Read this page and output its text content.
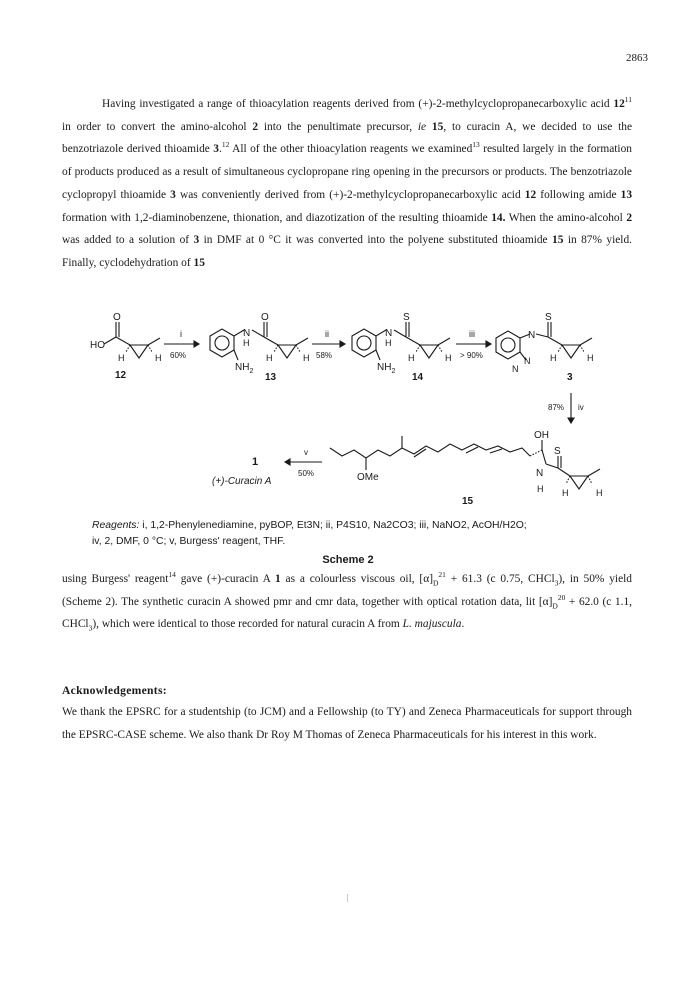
2863
Having investigated a range of thioacylation reagents derived from (+)-2-methylcyclopropanecarboxylic acid $12^{11}$ in order to convert the amino-alcohol 2 into the penultimate precursor, ie 15, to curacin A, we decided to use the benzotriazole derived thioamide 3.12 All of the other thioacylation reagents we examined$^{13}$ resulted largely in the formation of products produced as a result of simultaneous cyclopropane ring opening in the precursors or products. The benzotriazole cyclopropyl thioamide 3 was conveniently derived from (+)-2-methylcyclopropanecarboxylic acid 12 following amide 13 formation with 1,2-diaminobenzene, thionation, and diazotization of the resulting thioamide 14. When the amino-alcohol 2 was added to a solution of 3 in DMF at 0 °C it was converted into the polyene substituted thioamide 15 in 87% yield. Finally, cyclodehydration of 15
HO
O
H	H
12
i
60%
N
H
$NH_2$
O
H	H
13
ii
58%
N
H
$NH_2$
S
H	H
14
iii
> 90%
N
N
N
S
H	H
3
iv
87%
OH
OMe
S
N
H H	H
15
v
50%
1
(+)-Curacin A
Reagents: i, 1,2-Phenylenediamine, pyBOP, Et3N; ii, P4S10, Na2CO3; iii, NaNO2, AcOH/H2O;
iv, 2, DMF, 0 °C; v, Burgess' reagent, THF.
Scheme 2
using Burgess' reagent$^{14}$ gave (+)-curacin A 1 as a colourless viscous oil, $[\alpha]_D^{21} + 61.3$ (c 0.75, CHCl$_3$), in 50% yield (Scheme 2). The synthetic curacin A showed pmr and cmr data, together with optical rotation data, lit $[\alpha]_D^{20} + 62.0$ (c 1.1, CHCl$_3$), which were identical to those recorded for natural curacin A from L. majuscula.
Acknowledgements:
We thank the EPSRC for a studentship (to JCM) and a Fellowship (to TY) and Zeneca Pharmaceuticals for support through the EPSRC-CASE scheme. We also thank Dr Roy M Thomas of Zeneca Pharmaceuticals for his interest in this work.
